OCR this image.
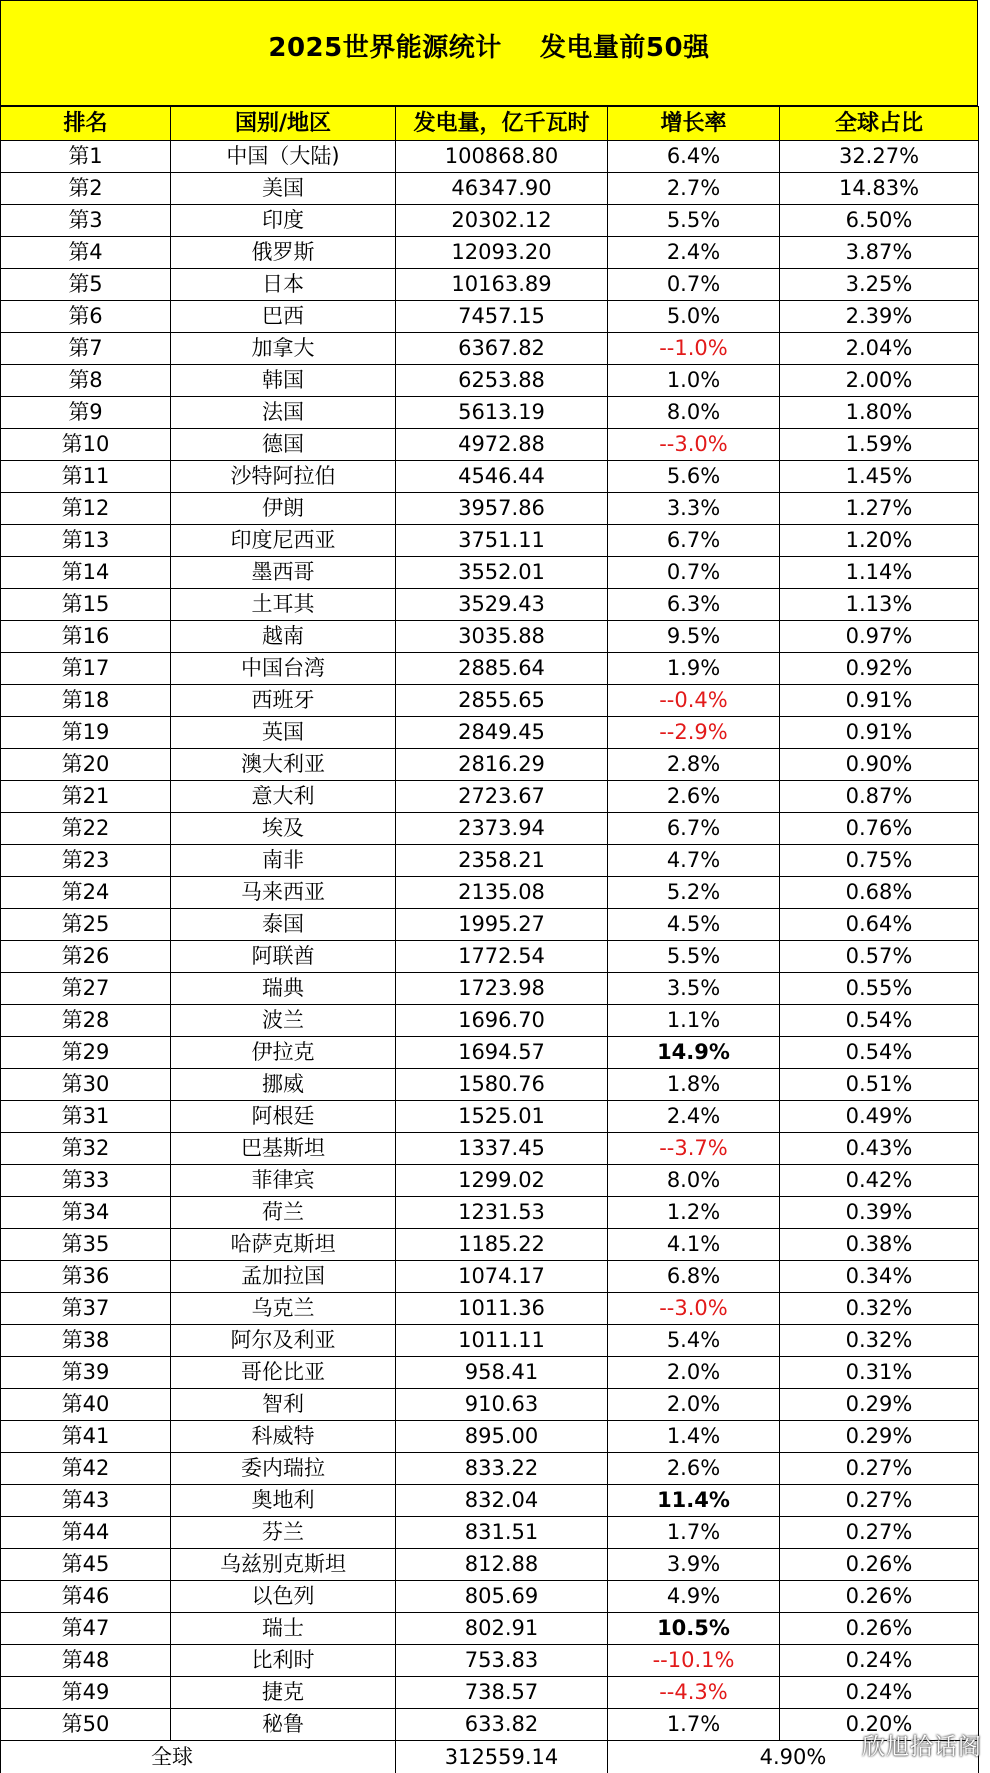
2025世界能源统计    发电量前50强
排名	国别/地区	发电量，亿千瓦时	增长率	全球占比
第1	中国（大陆)	100868.80	6.4%	32.27%
第2	美国	46347.90	2.7%	14.83%
第3	印度	20302.12	5.5%	6.50%
第4	俄罗斯	12093.20	2.4%	3.87%
第5	日本	10163.89	0.7%	3.25%
第6	巴西	7457.15	5.0%	2.39%
第7	加拿大	6367.82	--1.0%	2.04%
第8	韩国	6253.88	1.0%	2.00%
第9	法国	5613.19	8.0%	1.80%
第10	德国	4972.88	--3.0%	1.59%
第11	沙特阿拉伯	4546.44	5.6%	1.45%
第12	伊朗	3957.86	3.3%	1.27%
第13	印度尼西亚	3751.11	6.7%	1.20%
第14	墨西哥	3552.01	0.7%	1.14%
第15	土耳其	3529.43	6.3%	1.13%
第16	越南	3035.88	9.5%	0.97%
第17	中国台湾	2885.64	1.9%	0.92%
第18	西班牙	2855.65	--0.4%	0.91%
第19	英国	2849.45	--2.9%	0.91%
第20	澳大利亚	2816.29	2.8%	0.90%
第21	意大利	2723.67	2.6%	0.87%
第22	埃及	2373.94	6.7%	0.76%
第23	南非	2358.21	4.7%	0.75%
第24	马来西亚	2135.08	5.2%	0.68%
第25	泰国	1995.27	4.5%	0.64%
第26	阿联酋	1772.54	5.5%	0.57%
第27	瑞典	1723.98	3.5%	0.55%
第28	波兰	1696.70	1.1%	0.54%
第29	伊拉克	1694.57	14.9%	0.54%
第30	挪威	1580.76	1.8%	0.51%
第31	阿根廷	1525.01	2.4%	0.49%
第32	巴基斯坦	1337.45	--3.7%	0.43%
第33	菲律宾	1299.02	8.0%	0.42%
第34	荷兰	1231.53	1.2%	0.39%
第35	哈萨克斯坦	1185.22	4.1%	0.38%
第36	孟加拉国	1074.17	6.8%	0.34%
第37	乌克兰	1011.36	--3.0%	0.32%
第38	阿尔及利亚	1011.11	5.4%	0.32%
第39	哥伦比亚	958.41	2.0%	0.31%
第40	智利	910.63	2.0%	0.29%
第41	科威特	895.00	1.4%	0.29%
第42	委内瑞拉	833.22	2.6%	0.27%
第43	奥地利	832.04	11.4%	0.27%
第44	芬兰	831.51	1.7%	0.27%
第45	乌兹别克斯坦	812.88	3.9%	0.26%
第46	以色列	805.69	4.9%	0.26%
第47	瑞士	802.91	10.5%	0.26%
第48	比利时	753.83	--10.1%	0.24%
第49	捷克	738.57	--4.3%	0.24%
第50	秘鲁	633.82	1.7%	0.20%
全球		312559.14	4.90%	欣旭拾话阁
